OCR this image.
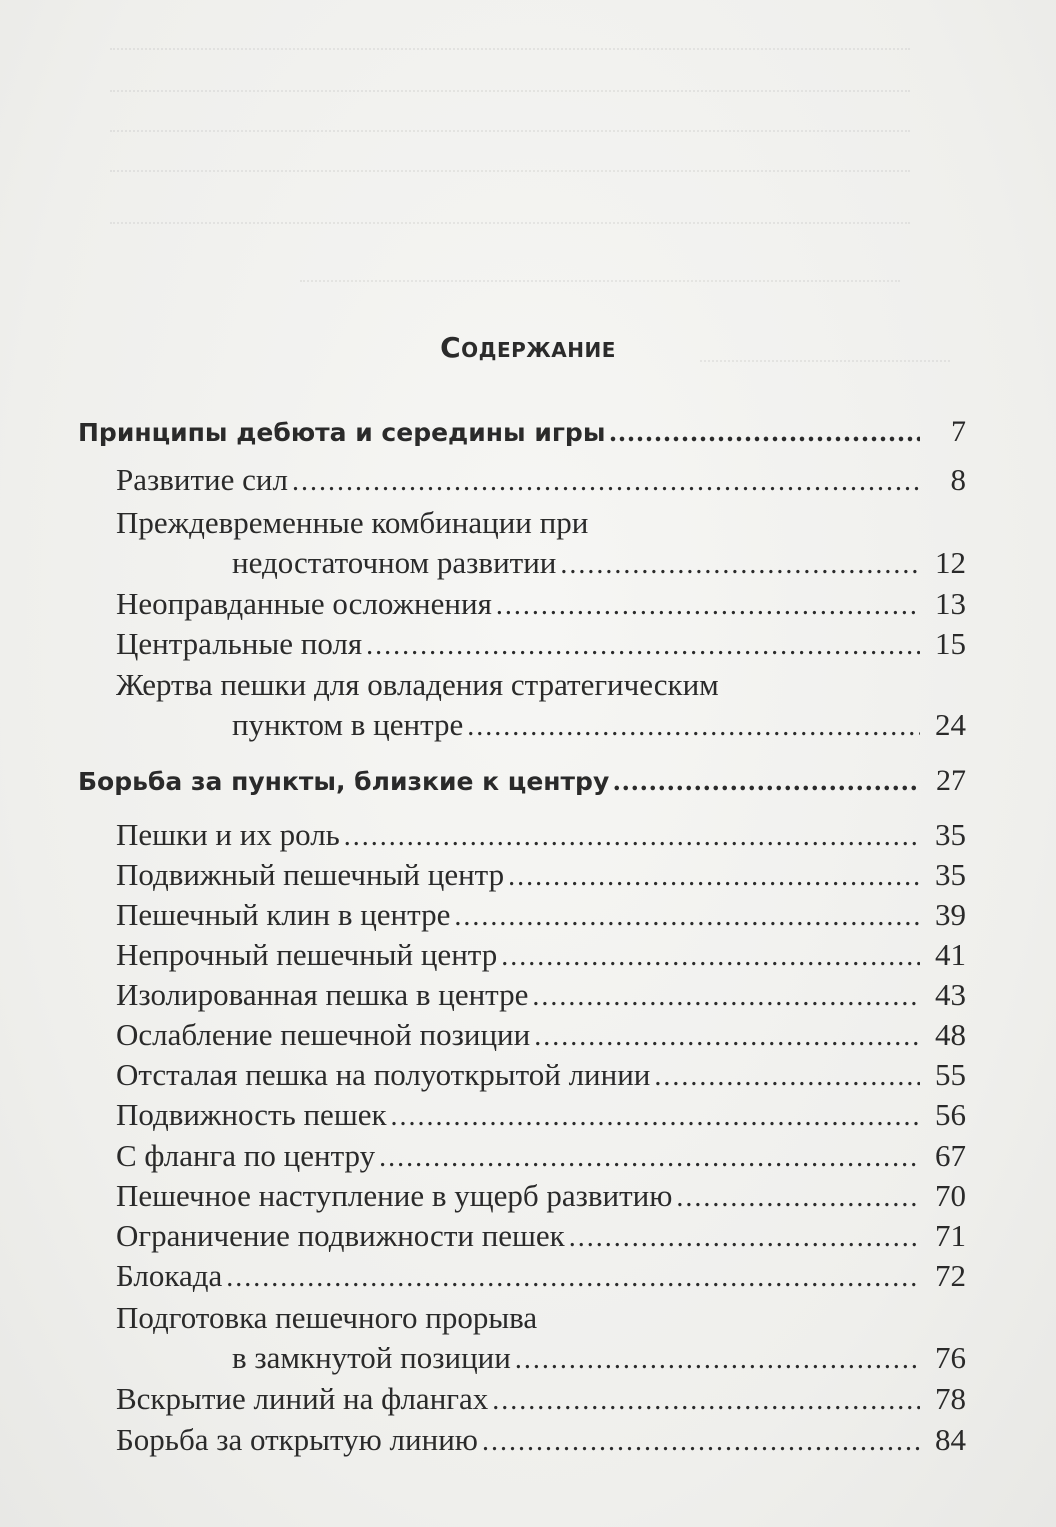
Содержание
Принципы дебюта и середины игры .....	7
Развитие сил .....	8
Преждевременные комбинации при
недостаточном развитии .....	12
Неоправданные осложнения .....	13
Центральные поля .....	15
Жертва пешки для овладения стратегическим
пунктом в центре .....	24
Борьба за пункты, близкие к центру .....	27
Пешки и их роль .....	35
Подвижный пешечный центр .....	35
Пешечный клин в центре .....	39
Непрочный пешечный центр .....	41
Изолированная пешка в центре .....	43
Ослабление пешечной позиции .....	48
Отсталая пешка на полуоткрытой линии .....	55
Подвижность пешек .....	56
С фланга по центру .....	67
Пешечное наступление в ущерб развитию .....	70
Ограничение подвижности пешек .....	71
Блокада .....	72
Подготовка пешечного прорыва
в замкнутой позиции .....	76
Вскрытие линий на флангах .....	78
Борьба за открытую линию .....	84
